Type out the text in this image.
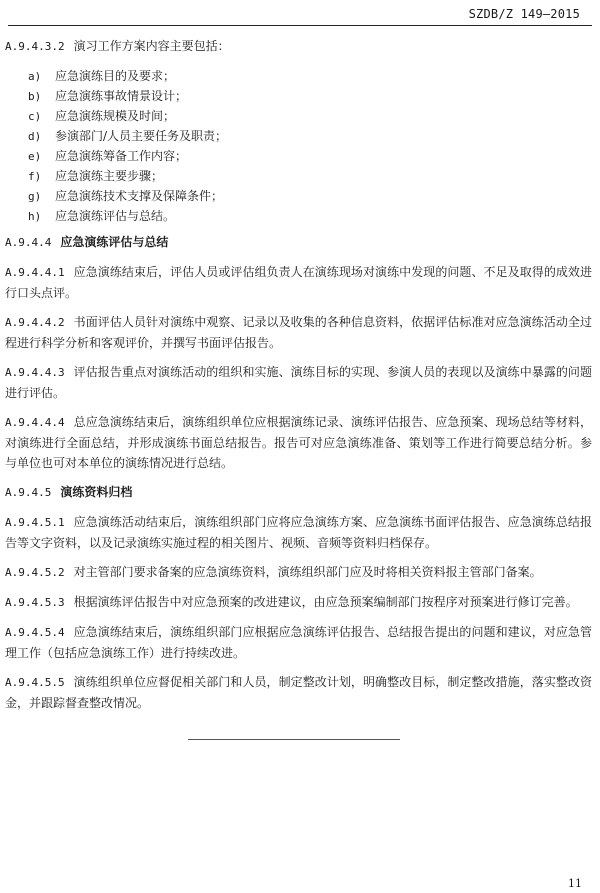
SZDB/Z 149—2015
A.9.4.3.2 演习工作方案内容主要包括：
a) 应急演练目的及要求；
b) 应急演练事故情景设计；
c) 应急演练规模及时间；
d) 参演部门/人员主要任务及职责；
e) 应急演练筹备工作内容；
f) 应急演练主要步骤；
g) 应急演练技术支撑及保障条件；
h) 应急演练评估与总结。
A.9.4.4 应急演练评估与总结
A.9.4.4.1 应急演练结束后，评估人员或评估组负责人在演练现场对演练中发现的问题、不足及取得的成效进行口头点评。
A.9.4.4.2 书面评估人员针对演练中观察、记录以及收集的各种信息资料，依据评估标准对应急演练活动全过程进行科学分析和客观评价，并撰写书面评估报告。
A.9.4.4.3 评估报告重点对演练活动的组织和实施、演练目标的实现、参演人员的表现以及演练中暴露的问题进行评估。
A.9.4.4.4 总应急演练结束后，演练组织单位应根据演练记录、演练评估报告、应急预案、现场总结等材料，对演练进行全面总结，并形成演练书面总结报告。报告可对应急演练准备、策划等工作进行简要总结分析。参与单位也可对本单位的演练情况进行总结。
A.9.4.5 演练资料归档
A.9.4.5.1 应急演练活动结束后，演练组织部门应将应急演练方案、应急演练书面评估报告、应急演练总结报告等文字资料，以及记录演练实施过程的相关图片、视频、音频等资料归档保存。
A.9.4.5.2 对主管部门要求备案的应急演练资料，演练组织部门应及时将相关资料报主管部门备案。
A.9.4.5.3 根据演练评估报告中对应急预案的改进建议，由应急预案编制部门按程序对预案进行修订完善。
A.9.4.5.4 应急演练结束后，演练组织部门应根据应急演练评估报告、总结报告提出的问题和建议，对应急管理工作（包括应急演练工作）进行持续改进。
A.9.4.5.5 演练组织单位应督促相关部门和人员，制定整改计划，明确整改目标，制定整改措施，落实整改资金，并跟踪督查整改情况。
11
